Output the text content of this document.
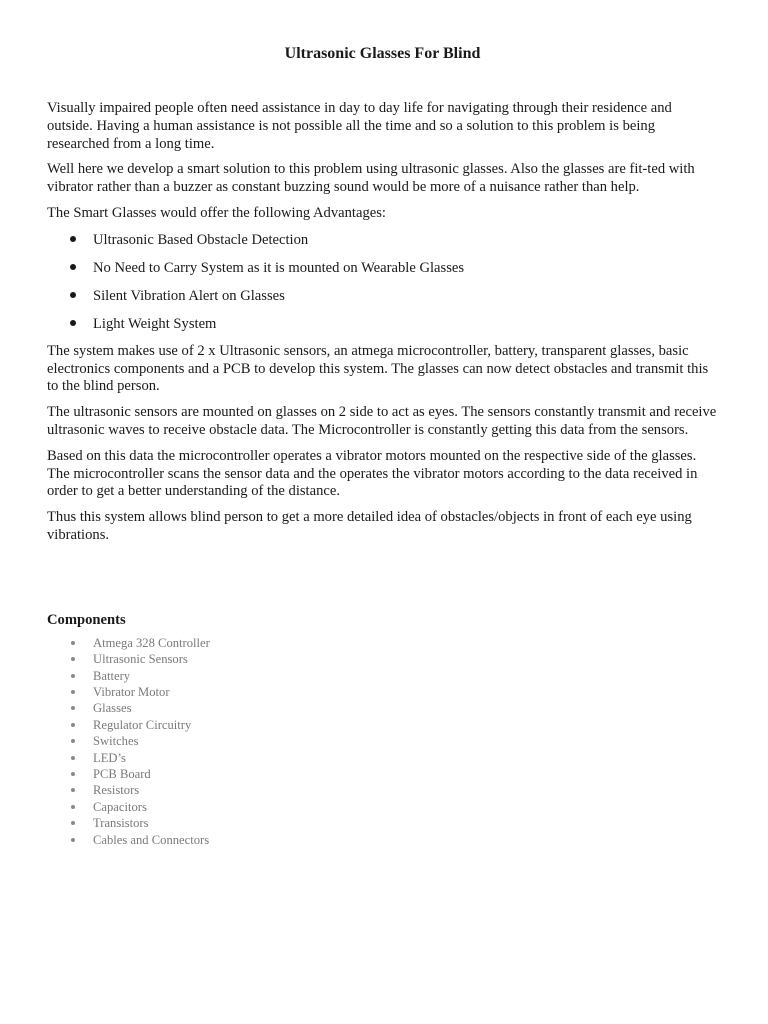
Ultrasonic Glasses For Blind

Visually impaired people often need assistance in day to day life for navigating through their residence and outside. Having a human assistance is not possible all the time and so a solution to this problem is being researched from a long time.

Well here we develop a smart solution to this problem using ultrasonic glasses. Also the glasses are fit-ted with vibrator rather than a buzzer as constant buzzing sound would be more of a nuisance rather than help.

The Smart Glasses would offer the following Advantages:

Ultrasonic Based Obstacle Detection
No Need to Carry System as it is mounted on Wearable Glasses
Silent Vibration Alert on Glasses
Light Weight System

The system makes use of 2 x Ultrasonic sensors, an atmega microcontroller, battery, transparent glasses, basic electronics components and a PCB to develop this system. The glasses can now detect obstacles and transmit this to the blind person.

The ultrasonic sensors are mounted on glasses on 2 side to act as eyes. The sensors constantly transmit and receive ultrasonic waves to receive obstacle data. The Microcontroller is constantly getting this data from the sensors.

Based on this data the microcontroller operates a vibrator motors mounted on the respective side of the glasses. The microcontroller scans the sensor data and the operates the vibrator motors according to the data received in order to get a better understanding of the distance.

Thus this system allows blind person to get a more detailed idea of obstacles/objects in front of each eye using vibrations.

Components
Atmega 328 Controller
Ultrasonic Sensors
Battery
Vibrator Motor
Glasses
Regulator Circuitry
Switches
LED’s
PCB Board
Resistors
Capacitors
Transistors
Cables and Connectors
